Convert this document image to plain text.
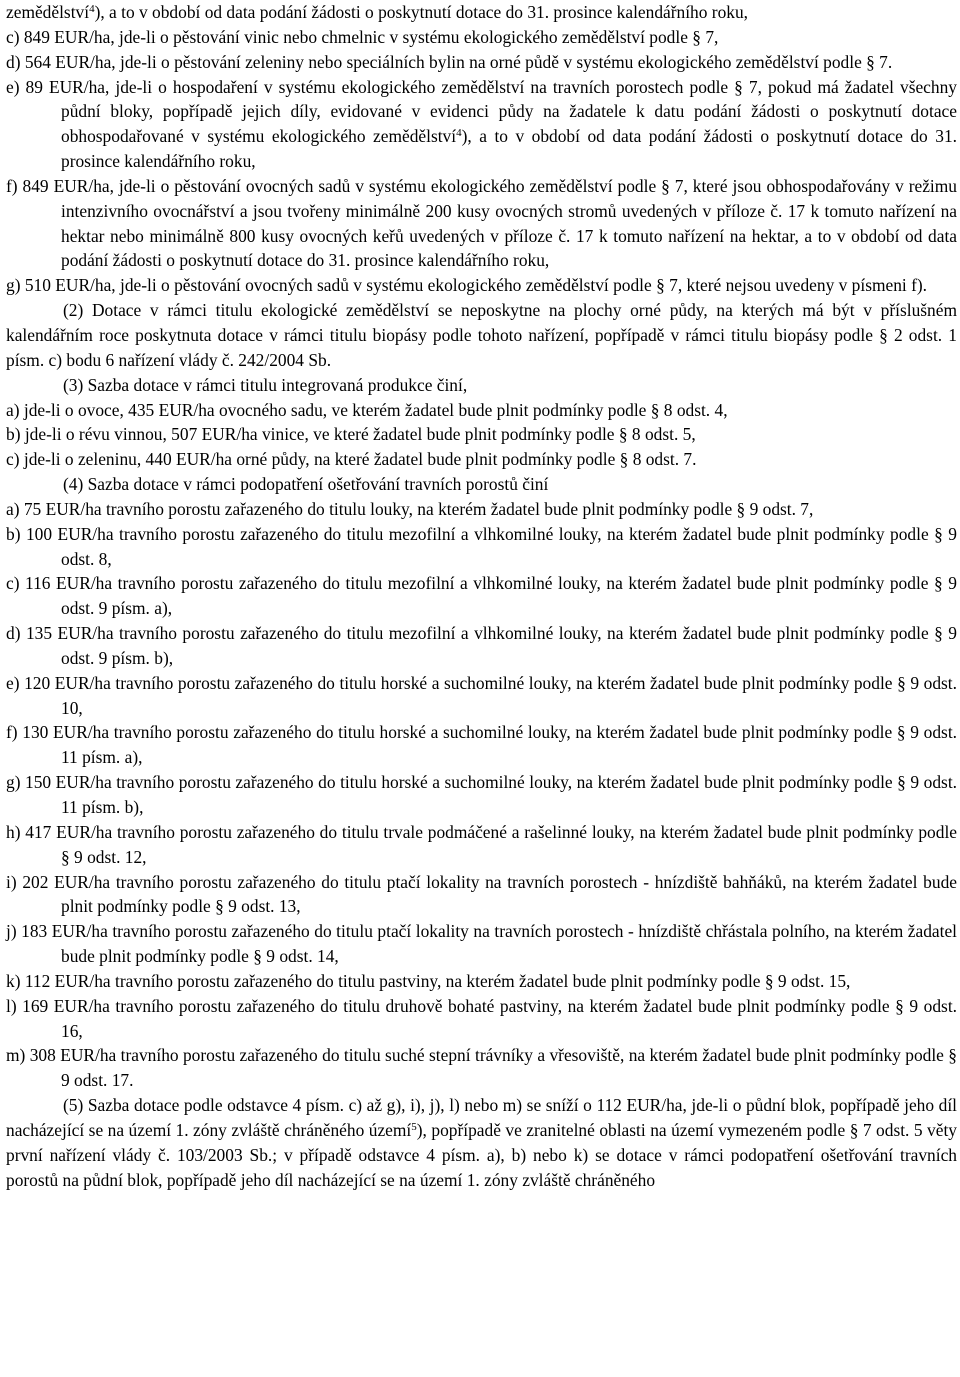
zemědělství$^4$), a to v období od data podání žádosti o poskytnutí dotace do 31. prosince kalendářního roku,

c) 849 EUR/ha, jde-li o pěstování vinic nebo chmelnic v systému ekologického zemědělství podle § 7,

d) 564 EUR/ha, jde-li o pěstování zeleniny nebo speciálních bylin na orné půdě v systému ekologického zemědělství podle § 7.

e) 89 EUR/ha, jde-li o hospodaření v systému ekologického zemědělství na travních porostech podle § 7, pokud má žadatel všechny půdní bloky, popřípadě jejich díly, evidované v evidenci půdy na žadatele k datu podání žádosti o poskytnutí dotace obhospodařované v systému ekologického zemědělství$^4$), a to v období od data podání žádosti o poskytnutí dotace do 31. prosince kalendářního roku,

f) 849 EUR/ha, jde-li o pěstování ovocných sadů v systému ekologického zemědělství podle § 7, které jsou obhospodařovány v režimu intenzivního ovocnářství a jsou tvořeny minimálně 200 kusy ovocných stromů uvedených v příloze č. 17 k tomuto nařízení na hektar nebo minimálně 800 kusy ovocných keřů uvedených v příloze č. 17 k tomuto nařízení na hektar, a to v období od data podání žádosti o poskytnutí dotace do 31. prosince kalendářního roku,

g) 510 EUR/ha, jde-li o pěstování ovocných sadů v systému ekologického zemědělství podle § 7, které nejsou uvedeny v písmeni f).

(2) Dotace v rámci titulu ekologické zemědělství se neposkytne na plochy orné půdy, na kterých má být v příslušném kalendářním roce poskytnuta dotace v rámci titulu biopásy podle tohoto nařízení, popřípadě v rámci titulu biopásy podle § 2 odst. 1 písm. c) bodu 6 nařízení vlády č. 242/2004 Sb.

(3) Sazba dotace v rámci titulu integrovaná produkce činí,

a) jde-li o ovoce, 435 EUR/ha ovocného sadu, ve kterém žadatel bude plnit podmínky podle § 8 odst. 4,

b) jde-li o révu vinnou, 507 EUR/ha vinice, ve které žadatel bude plnit podmínky podle § 8 odst. 5,

c) jde-li o zeleninu, 440 EUR/ha orné půdy, na které žadatel bude plnit podmínky podle § 8 odst. 7.

(4) Sazba dotace v rámci podopatření ošetřování travních porostů činí

a) 75 EUR/ha travního porostu zařazeného do titulu louky, na kterém žadatel bude plnit podmínky podle § 9 odst. 7,

b) 100 EUR/ha travního porostu zařazeného do titulu mezofilní a vlhkomilné louky, na kterém žadatel bude plnit podmínky podle § 9 odst. 8,

c) 116 EUR/ha travního porostu zařazeného do titulu mezofilní a vlhkomilné louky, na kterém žadatel bude plnit podmínky podle § 9 odst. 9 písm. a),

d) 135 EUR/ha travního porostu zařazeného do titulu mezofilní a vlhkomilné louky, na kterém žadatel bude plnit podmínky podle § 9 odst. 9 písm. b),

e) 120 EUR/ha travního porostu zařazeného do titulu horské a suchomilné louky, na kterém žadatel bude plnit podmínky podle § 9 odst. 10,

f) 130 EUR/ha travního porostu zařazeného do titulu horské a suchomilné louky, na kterém žadatel bude plnit podmínky podle § 9 odst. 11 písm. a),

g) 150 EUR/ha travního porostu zařazeného do titulu horské a suchomilné louky, na kterém žadatel bude plnit podmínky podle § 9 odst. 11 písm. b),

h) 417 EUR/ha travního porostu zařazeného do titulu trvale podmáčené a rašelinné louky, na kterém žadatel bude plnit podmínky podle § 9 odst. 12,

i) 202 EUR/ha travního porostu zařazeného do titulu ptačí lokality na travních porostech - hnízdiště bahňáků, na kterém žadatel bude plnit podmínky podle § 9 odst. 13,

j) 183 EUR/ha travního porostu zařazeného do titulu ptačí lokality na travních porostech - hnízdiště chřástala polního, na kterém žadatel bude plnit podmínky podle § 9 odst. 14,

k) 112 EUR/ha travního porostu zařazeného do titulu pastviny, na kterém žadatel bude plnit podmínky podle § 9 odst. 15,

l) 169 EUR/ha travního porostu zařazeného do titulu druhově bohaté pastviny, na kterém žadatel bude plnit podmínky podle § 9 odst. 16,

m) 308 EUR/ha travního porostu zařazeného do titulu suché stepní trávníky a vřesoviště, na kterém žadatel bude plnit podmínky podle § 9 odst. 17.

(5) Sazba dotace podle odstavce 4 písm. c) až g), i), j), l) nebo m) se sníží o 112 EUR/ha, jde-li o půdní blok, popřípadě jeho díl nacházející se na území 1. zóny zvláště chráněného území$^5$), popřípadě ve zranitelné oblasti na území vymezeném podle § 7 odst. 5 věty první nařízení vlády č. 103/2003 Sb.; v případě odstavce 4 písm. a), b) nebo k) se dotace v rámci podopatření ošetřování travních porostů na půdní blok, popřípadě jeho díl nacházející se na území 1. zóny zvláště chráněného
